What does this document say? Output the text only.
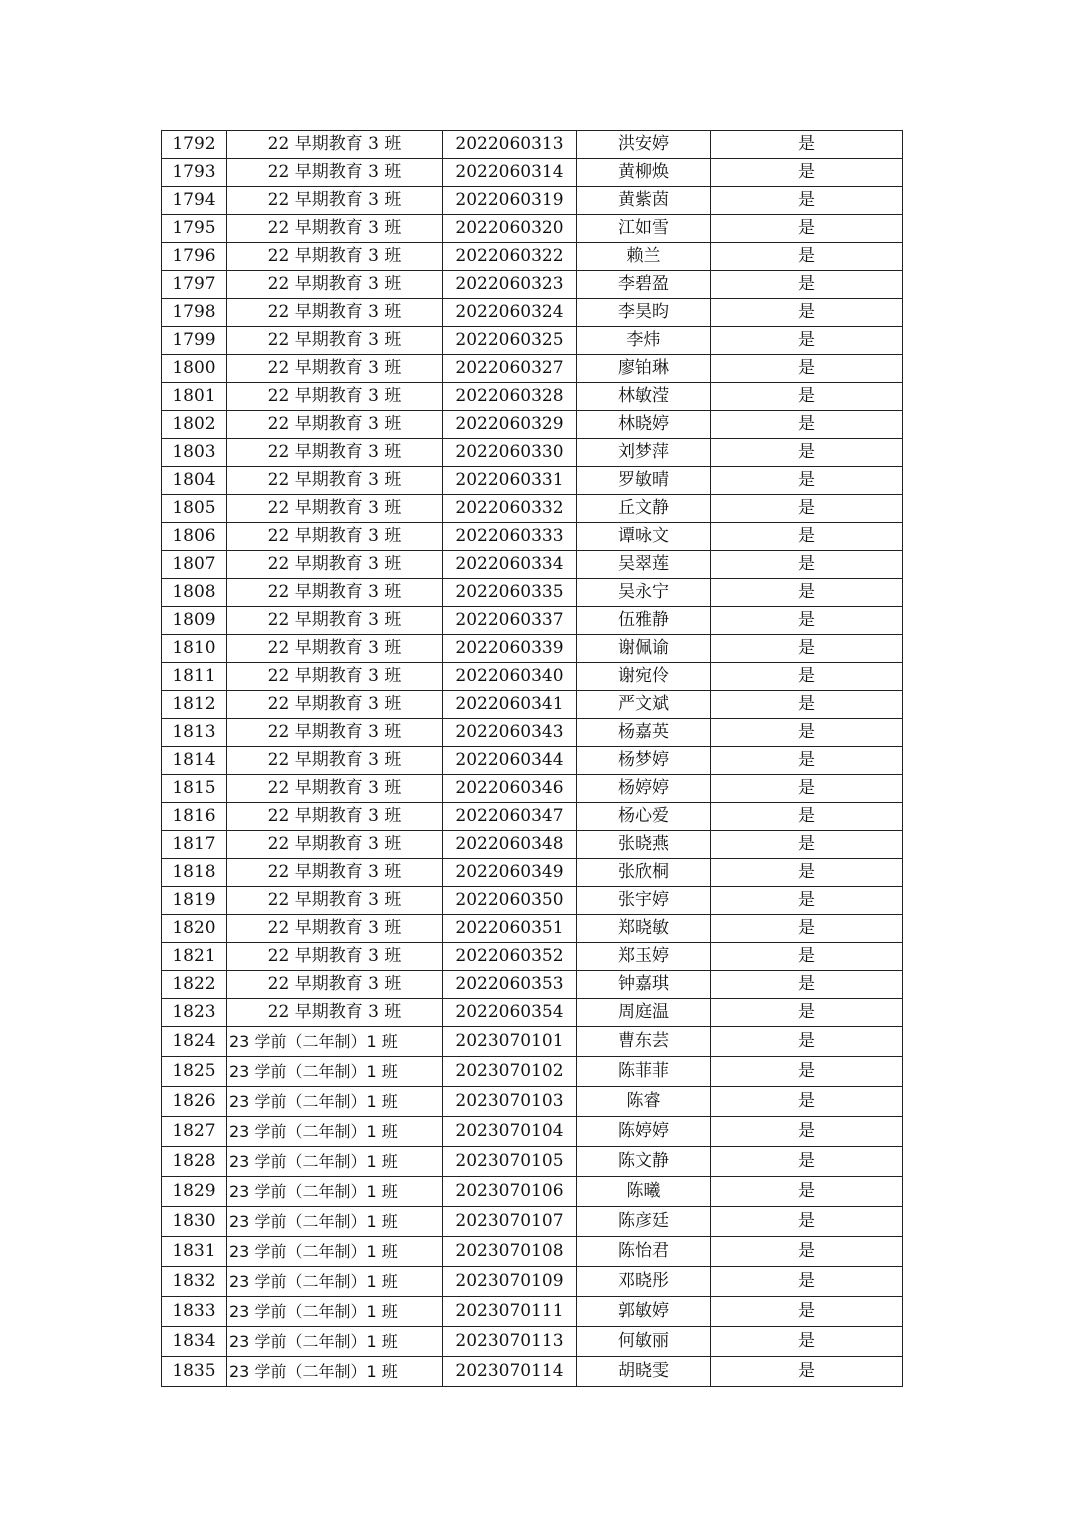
1792	22 早期教育 3 班	2022060313	洪安婷	是
1793	22 早期教育 3 班	2022060314	黄柳焕	是
1794	22 早期教育 3 班	2022060319	黄紫茵	是
1795	22 早期教育 3 班	2022060320	江如雪	是
1796	22 早期教育 3 班	2022060322	赖兰	是
1797	22 早期教育 3 班	2022060323	李碧盈	是
1798	22 早期教育 3 班	2022060324	李昊昀	是
1799	22 早期教育 3 班	2022060325	李炜	是
1800	22 早期教育 3 班	2022060327	廖铂琳	是
1801	22 早期教育 3 班	2022060328	林敏滢	是
1802	22 早期教育 3 班	2022060329	林晓婷	是
1803	22 早期教育 3 班	2022060330	刘梦萍	是
1804	22 早期教育 3 班	2022060331	罗敏晴	是
1805	22 早期教育 3 班	2022060332	丘文静	是
1806	22 早期教育 3 班	2022060333	谭咏文	是
1807	22 早期教育 3 班	2022060334	吴翠莲	是
1808	22 早期教育 3 班	2022060335	吴永宁	是
1809	22 早期教育 3 班	2022060337	伍雅静	是
1810	22 早期教育 3 班	2022060339	谢佩谕	是
1811	22 早期教育 3 班	2022060340	谢宛伶	是
1812	22 早期教育 3 班	2022060341	严文斌	是
1813	22 早期教育 3 班	2022060343	杨嘉英	是
1814	22 早期教育 3 班	2022060344	杨梦婷	是
1815	22 早期教育 3 班	2022060346	杨婷婷	是
1816	22 早期教育 3 班	2022060347	杨心爱	是
1817	22 早期教育 3 班	2022060348	张晓燕	是
1818	22 早期教育 3 班	2022060349	张欣桐	是
1819	22 早期教育 3 班	2022060350	张宇婷	是
1820	22 早期教育 3 班	2022060351	郑晓敏	是
1821	22 早期教育 3 班	2022060352	郑玉婷	是
1822	22 早期教育 3 班	2022060353	钟嘉琪	是
1823	22 早期教育 3 班	2022060354	周庭温	是
1824	23 学前（二年制）1 班	2023070101	曹东芸	是
1825	23 学前（二年制）1 班	2023070102	陈菲菲	是
1826	23 学前（二年制）1 班	2023070103	陈睿	是
1827	23 学前（二年制）1 班	2023070104	陈婷婷	是
1828	23 学前（二年制）1 班	2023070105	陈文静	是
1829	23 学前（二年制）1 班	2023070106	陈曦	是
1830	23 学前（二年制）1 班	2023070107	陈彦廷	是
1831	23 学前（二年制）1 班	2023070108	陈怡君	是
1832	23 学前（二年制）1 班	2023070109	邓晓彤	是
1833	23 学前（二年制）1 班	2023070111	郭敏婷	是
1834	23 学前（二年制）1 班	2023070113	何敏丽	是
1835	23 学前（二年制）1 班	2023070114	胡晓雯	是
